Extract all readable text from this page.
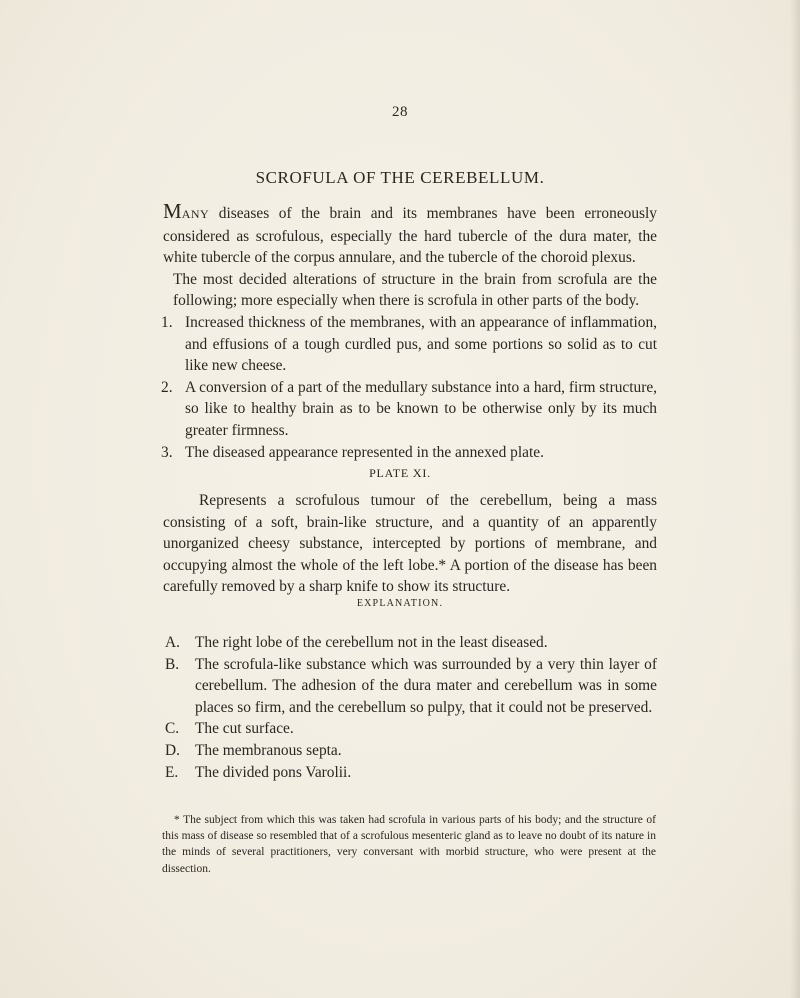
28
SCROFULA OF THE CEREBELLUM.

MANY diseases of the brain and its membranes have been erroneously considered as scrofulous, especially the hard tubercle of the dura mater, the white tubercle of the corpus annulare, and the tubercle of the choroid plexus.

The most decided alterations of structure in the brain from scrofula are the following; more especially when there is scrofula in other parts of the body.

1. Increased thickness of the membranes, with an appearance of inflammation, and effusions of a tough curdled pus, and some portions so solid as to cut like new cheese.

2. A conversion of a part of the medullary substance into a hard, firm structure, so like to healthy brain as to be known to be otherwise only by its much greater firmness.

3. The diseased appearance represented in the annexed plate.

PLATE XI.

Represents a scrofulous tumour of the cerebellum, being a mass consisting of a soft, brain-like structure, and a quantity of an apparently unorganized cheesy substance, intercepted by portions of membrane, and occupying almost the whole of the left lobe.* A portion of the disease has been carefully removed by a sharp knife to show its structure.

EXPLANATION.
A. The right lobe of the cerebellum not in the least diseased.
B.	The scrofula-like substance which was surrounded by a very thin layer of cerebellum. The adhesion of the dura mater and cerebellum was in some places so firm, and the cerebellum so pulpy, that it could not be preserved.
C.	The cut surface.
D. The membranous septa.
E.	The divided pons Varolii.

* The subject from which this was taken had scrofula in various parts of his body; and the structure of this mass of disease so resembled that of a scrofulous mesenteric gland as to leave no doubt of its nature in the minds of several practitioners, very conversant with morbid structure, who were present at the dissection.
